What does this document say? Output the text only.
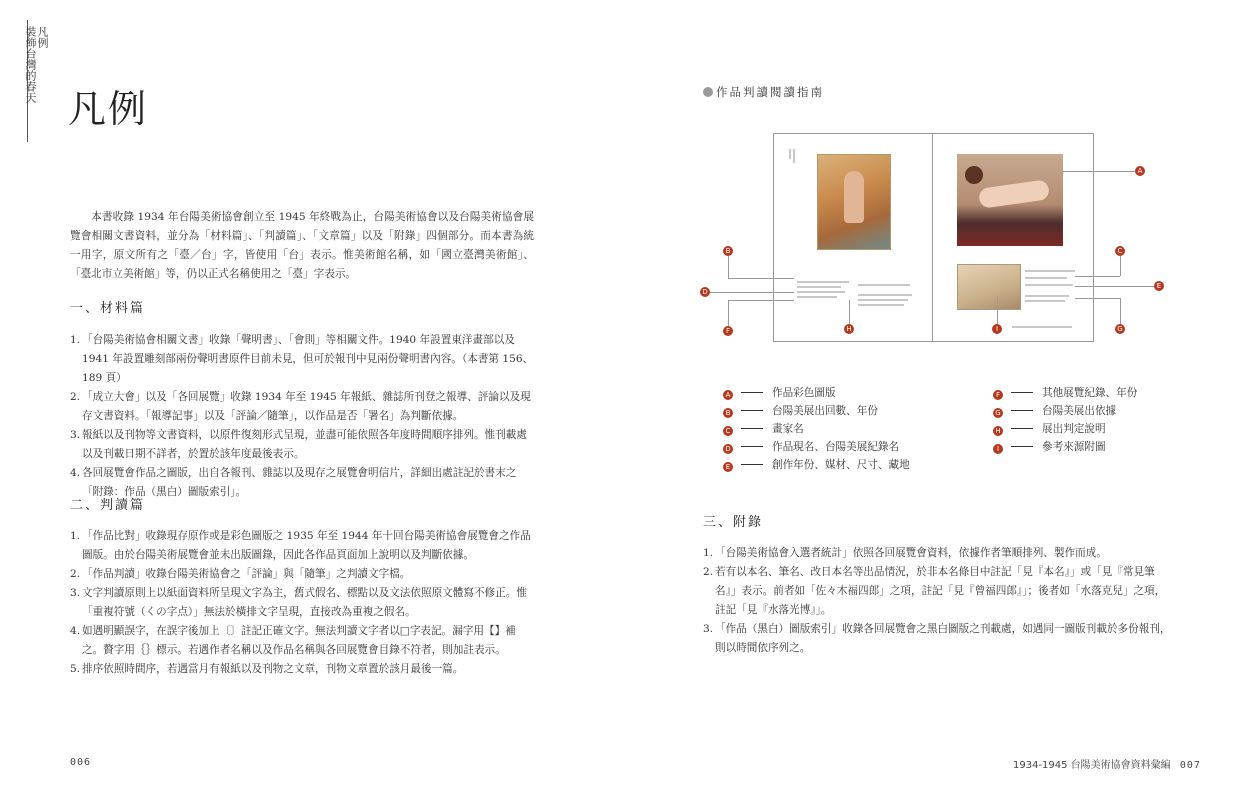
凡例
裝飾台灣的春天
凡例

本書收錄 1934 年台陽美術協會創立至 1945 年終戰為止，台陽美術協會以及台陽美術協會展覽會相關文書資料，並分為「材料篇」、「判讀篇」、「文章篇」以及「附錄」四個部分。而本書為統一用字，原文所有之「臺／台」字，皆使用「台」表示。惟美術館名稱，如「國立臺灣美術館」、「臺北市立美術館」等，仍以正式名稱使用之「臺」字表示。

一、材料篇
1. 「台陽美術協會相關文書」收錄「聲明書」、「會則」等相關文件。1940 年設置東洋畫部以及 1941 年設置雕刻部兩份聲明書原件目前未見，但可於報刊中見兩份聲明書內容。（本書第 156、189 頁）
2. 「成立大會」以及「各回展覽」收錄 1934 年至 1945 年報紙、雜誌所刊登之報導、評論以及現存文書資料。「報導記事」以及「評論／隨筆」，以作品是否「署名」為判斷依據。
3. 報紙以及刊物等文書資料，以原件復刻形式呈現，並盡可能依照各年度時間順序排列。惟刊載處以及刊載日期不詳者，於置於該年度最後表示。
4. 各回展覽會作品之圖版，出自各報刊、雜誌以及現存之展覽會明信片，詳細出處註記於書末之「附錄：作品（黑白）圖版索引」。
二、判讀篇
1. 「作品比對」收錄現存原作或是彩色圖版之 1935 年至 1944 年十回台陽美術協會展覽會之作品圖版。由於台陽美術展覽會並未出版圖錄，因此各作品頁面加上說明以及判斷依據。
2. 「作品判讀」收錄台陽美術協會之「評論」與「隨筆」之判讀文字檔。
3. 文字判讀原則上以紙面資料所呈現文字為主，舊式假名、標點以及文法依照原文體寫不修正。惟「重複符號（くの字点）」無法於橫排文字呈現，直接改為重複之假名。
4. 如遇明顯誤字，在誤字後加上〔〕註記正確文字。無法判讀文字者以□字表記。漏字用【】補之。贅字用｛｝標示。若遇作者名稱以及作品名稱與各回展覽會目錄不符者，則加註表示。
5. 排序依照時間序，若遇當月有報紙以及刊物之文章，刊物文章置於該月最後一篇。
006
作品判讀閱讀指南
A
B	C
D
E
F	G
H	I
A	作品彩色圖版
B	台陽美展出回數、年份
C	畫家名
D	作品現名、台陽美展紀錄名
E	創作年份、媒材、尺寸、藏地
F	其他展覽紀錄、年份
G	台陽美展出依據
H	展出判定說明
I	參考來源附圖
三、附錄
1. 「台陽美術協會入選者統計」依照各回展覽會資料，依據作者筆順排列、製作而成。
2. 若有以本名、筆名、改日本名等出品情況，於非本名條目中註記「見『本名』」或「見『常見筆名』」表示。前者如「佐々木福四郎」之項，註記「見『曾福四郎』」；後者如「水落克兒」之項，註記「見『水落光博』」。
3. 「作品（黑白）圖版索引」收錄各回展覽會之黑白圖版之刊載處，如遇同一圖版刊載於多份報刊，則以時間依序列之。
1934-1945 台陽美術協會資料彙編 007
